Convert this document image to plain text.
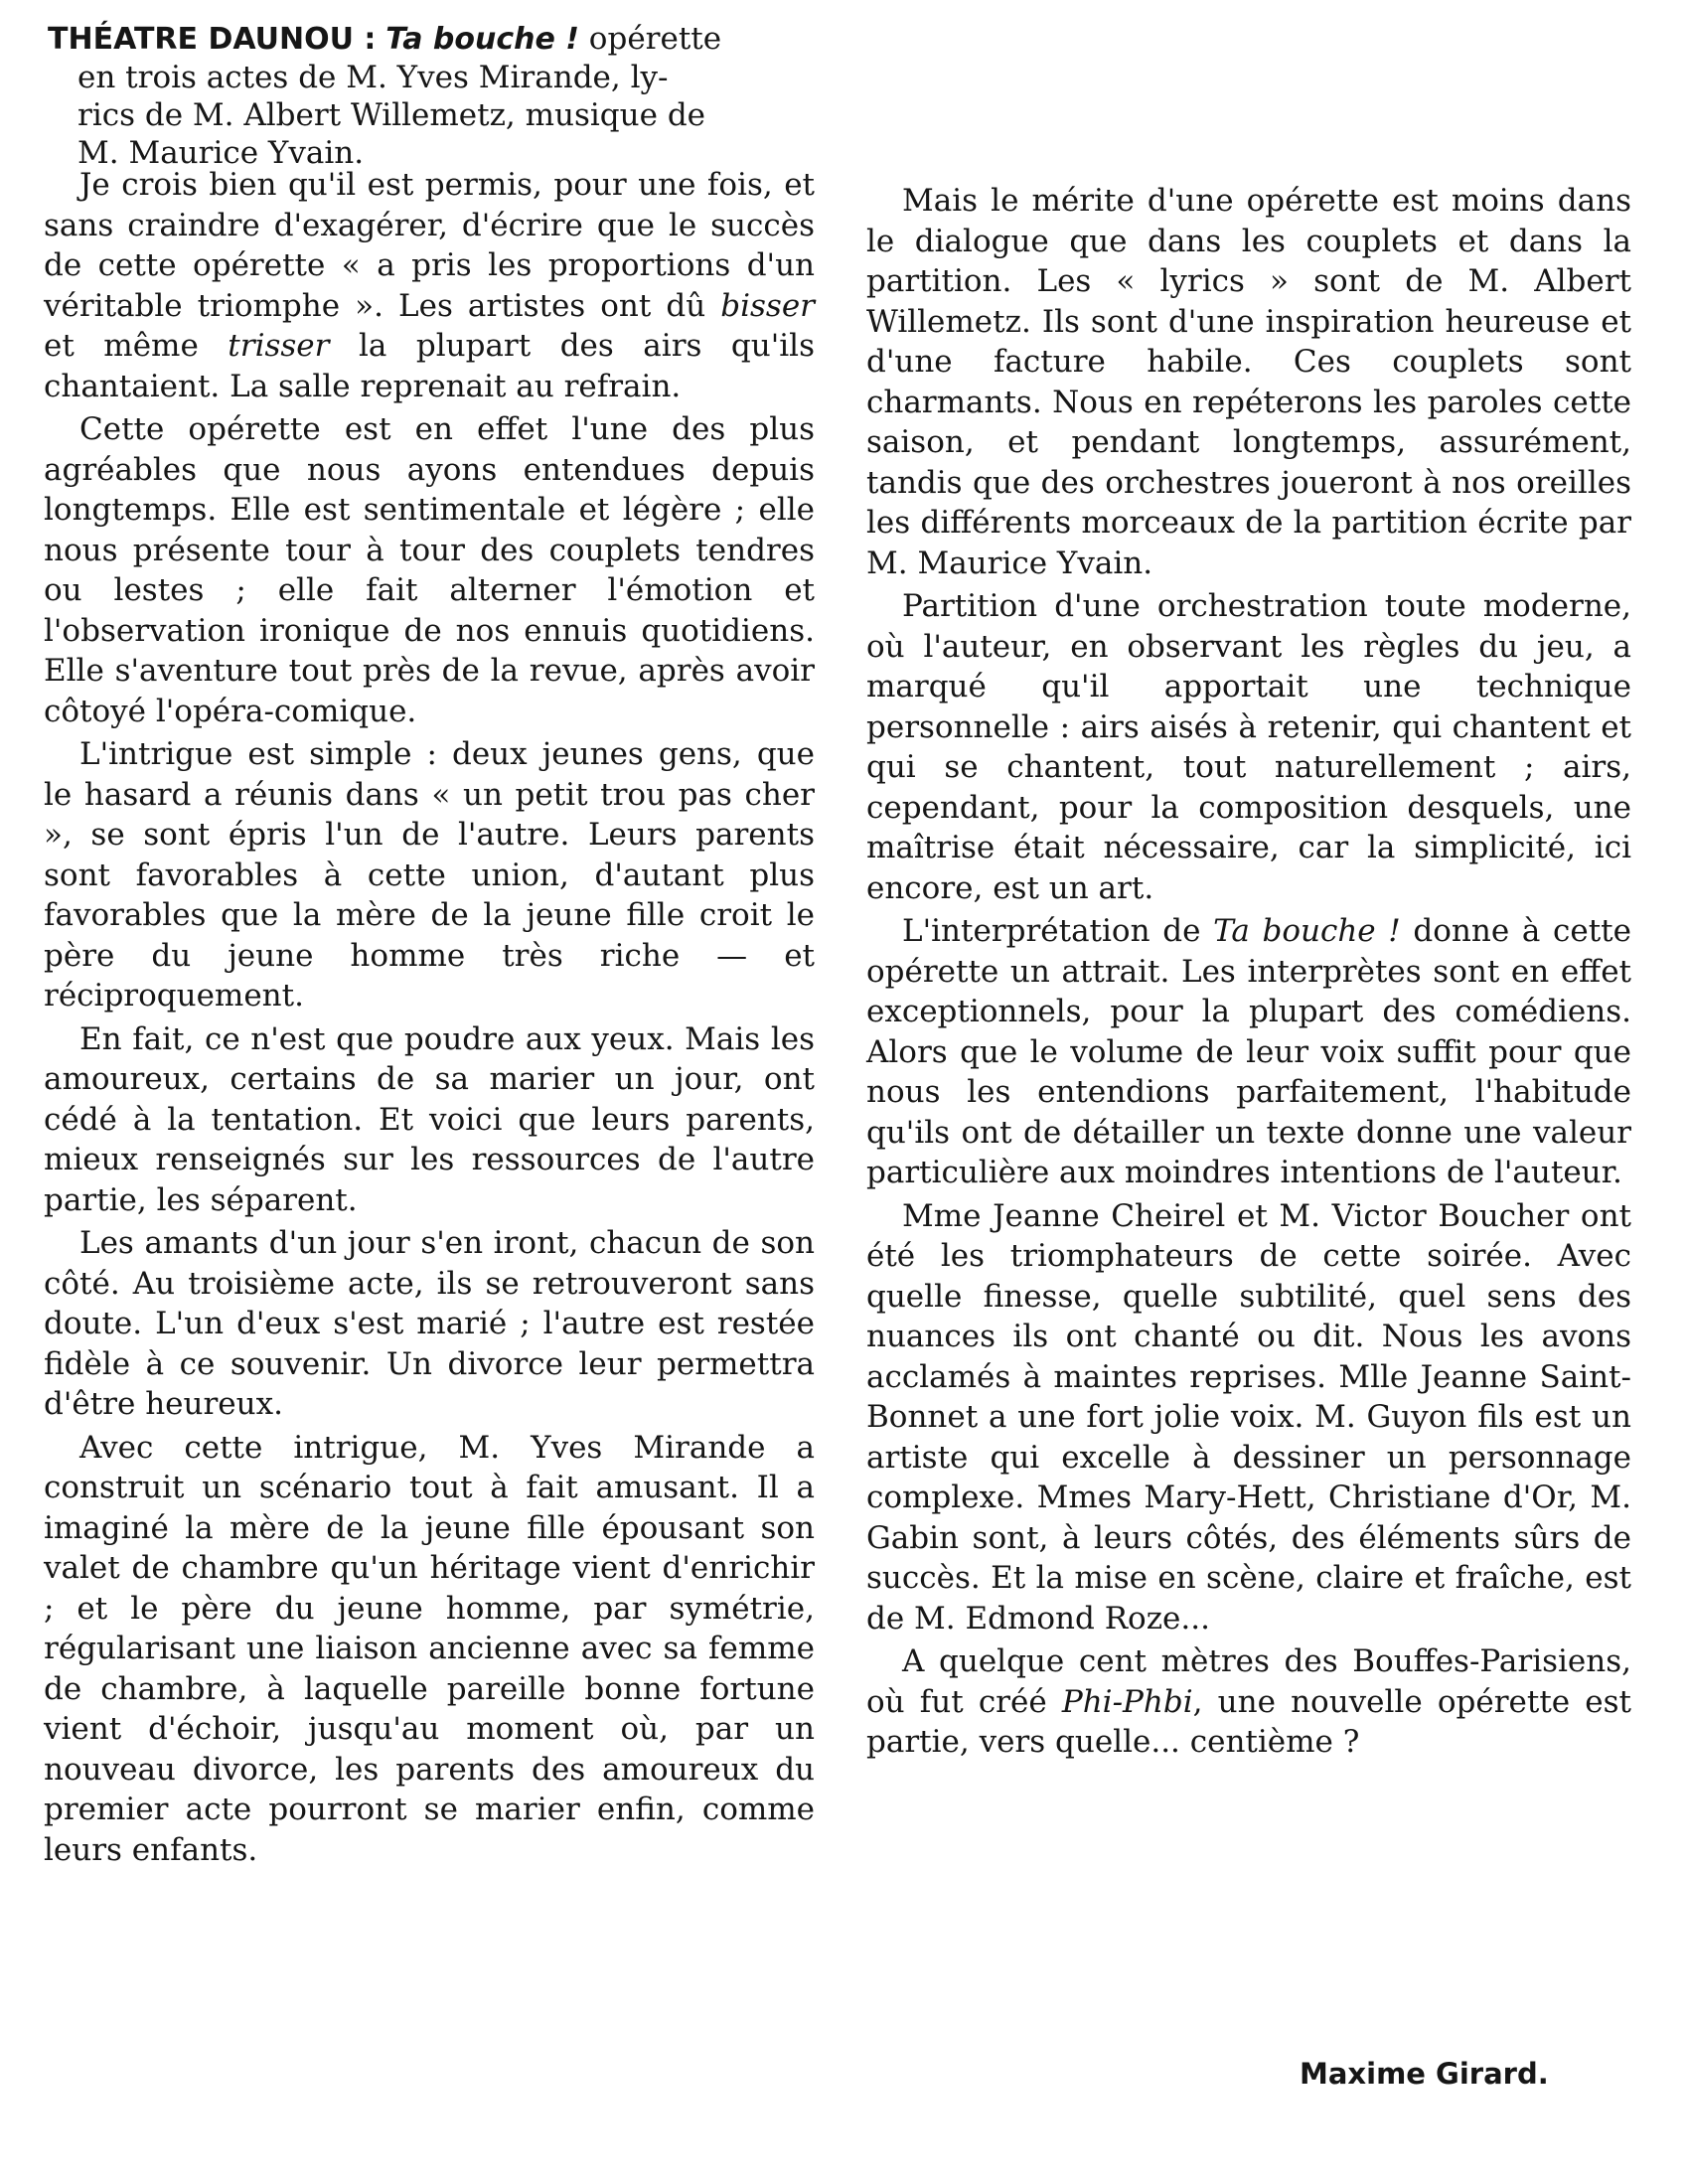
THÉATRE DAUNOU : Ta bouche ! opérette
en trois actes de M. Yves Mirande, ly-
rics de M. Albert Willemetz, musique de
M. Maurice Yvain.

Je crois bien qu'il est permis, pour une fois, et sans craindre d'exagérer, d'écrire que le succès de cette opérette « a pris les proportions d'un véritable triomphe ». Les artistes ont dû bisser et même trisser la plupart des airs qu'ils chantaient. La salle reprenait au refrain.

Cette opérette est en effet l'une des plus agréables que nous ayons entendues depuis longtemps. Elle est sentimentale et légère ; elle nous présente tour à tour des couplets tendres ou lestes ; elle fait alterner l'émotion et l'observation ironique de nos ennuis quotidiens. Elle s'aventure tout près de la revue, après avoir côtoyé l'opéra-comique.

L'intrigue est simple : deux jeunes gens, que le hasard a réunis dans « un petit trou pas cher », se sont épris l'un de l'autre. Leurs parents sont favorables à cette union, d'autant plus favorables que la mère de la jeune fille croit le père du jeune homme très riche — et réciproquement.

En fait, ce n'est que poudre aux yeux. Mais les amoureux, certains de sa marier un jour, ont cédé à la tentation. Et voici que leurs parents, mieux renseignés sur les ressources de l'autre partie, les séparent.

Les amants d'un jour s'en iront, chacun de son côté. Au troisième acte, ils se retrouveront sans doute. L'un d'eux s'est marié ; l'autre est restée fidèle à ce souvenir. Un divorce leur permettra d'être heureux.

Avec cette intrigue, M. Yves Mirande a construit un scénario tout à fait amusant. Il a imaginé la mère de la jeune fille épousant son valet de chambre qu'un héritage vient d'enrichir ; et le père du jeune homme, par symétrie, régularisant une liaison ancienne avec sa femme de chambre, à laquelle pareille bonne fortune vient d'échoir, jusqu'au moment où, par un nouveau divorce, les parents des amoureux du premier acte pourront se marier enfin, comme leurs enfants.

Mais le mérite d'une opérette est moins dans le dialogue que dans les couplets et dans la partition. Les « lyrics » sont de M. Albert Willemetz. Ils sont d'une inspiration heureuse et d'une facture habile. Ces couplets sont charmants. Nous en repéterons les paroles cette saison, et pendant longtemps, assurément, tandis que des orchestres joueront à nos oreilles les différents morceaux de la partition écrite par M. Maurice Yvain.

Partition d'une orchestration toute moderne, où l'auteur, en observant les règles du jeu, a marqué qu'il apportait une technique personnelle : airs aisés à retenir, qui chantent et qui se chantent, tout naturellement ; airs, cependant, pour la composition desquels, une maîtrise était nécessaire, car la simplicité, ici encore, est un art.

L'interprétation de Ta bouche ! donne à cette opérette un attrait. Les interprètes sont en effet exceptionnels, pour la plupart des comédiens. Alors que le volume de leur voix suffit pour que nous les entendions parfaitement, l'habitude qu'ils ont de détailler un texte donne une valeur particulière aux moindres intentions de l'auteur.

Mme Jeanne Cheirel et M. Victor Boucher ont été les triomphateurs de cette soirée. Avec quelle finesse, quelle subtilité, quel sens des nuances ils ont chanté ou dit. Nous les avons acclamés à maintes reprises. Mlle Jeanne Saint-Bonnet a une fort jolie voix. M. Guyon fils est un artiste qui excelle à dessiner un personnage complexe. Mmes Mary-Hett, Christiane d'Or, M. Gabin sont, à leurs côtés, des éléments sûrs de succès. Et la mise en scène, claire et fraîche, est de M. Edmond Roze...

A quelque cent mètres des Bouffes-Parisiens, où fut créé Phi-Phbi, une nouvelle opérette est partie, vers quelle... centième ?

Maxime Girard.
